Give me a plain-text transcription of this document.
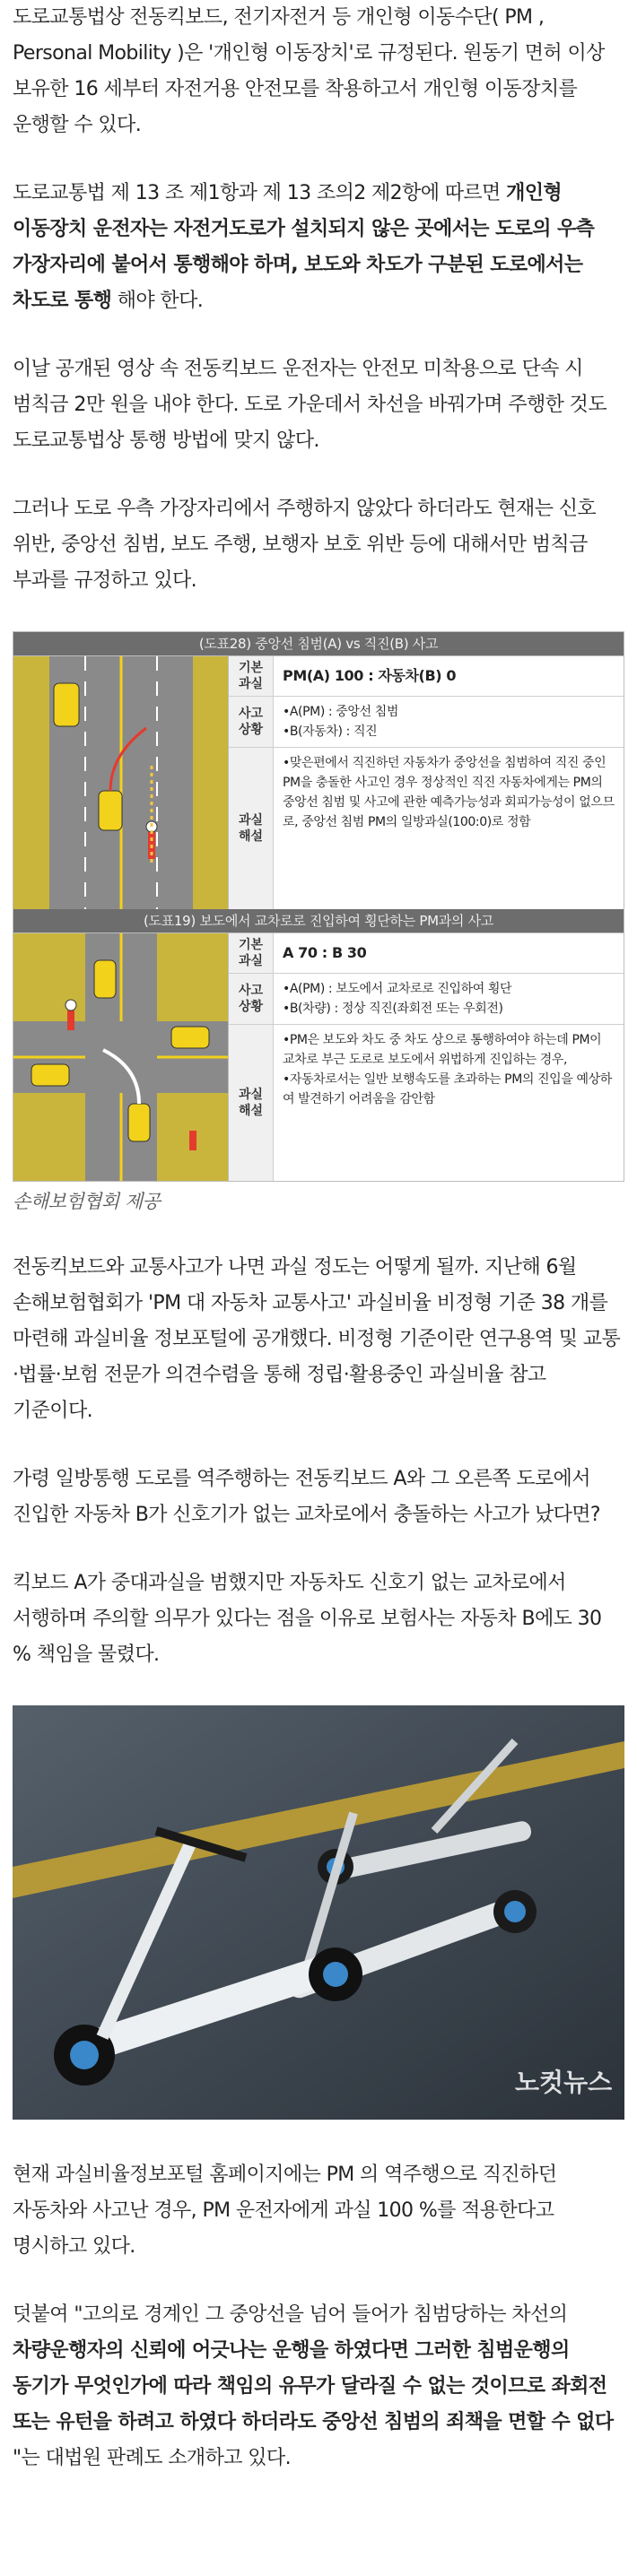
도로교통법상 전동킥보드, 전기자전거 등 개인형 이동수단( PM , Personal Mobility )은 '개인형 이동장치'로 규정된다. 원동기 면허 이상 보유한 16 세부터 자전거용 안전모를 착용하고서 개인형 이동장치를 운행할 수 있다.

도로교통법 제 13 조 제1항과 제 13 조의2 제2항에 따르면 개인형 이동장치 운전자는 자전거도로가 설치되지 않은 곳에서는 도로의 우측 가장자리에 붙어서 통행해야 하며, 보도와 차도가 구분된 도로에서는 차도로 통행 해야 한다.

이날 공개된 영상 속 전동킥보드 운전자는 안전모 미착용으로 단속 시 범칙금 2만 원을 내야 한다. 도로 가운데서 차선을 바꿔가며 주행한 것도 도로교통법상 통행 방법에 맞지 않다.

그러나 도로 우측 가장자리에서 주행하지 않았다 하더라도 현재는 신호 위반, 중앙선 침범, 보도 주행, 보행자 보호 위반 등에 대해서만 범칙금 부과를 규정하고 있다.

(도표28) 중앙선 침범(A) vs 직진(B) 사고
기본
과실	PM(A) 100 : 자동차(B) 0
사고
상황
•A(PM) : 중앙선 침범
•B(자동차) : 직진
과실
해설
•맞은편에서 직진하던 자동차가 중앙선을 침범하여 직진 중인 PM을 충돌한 사고인 경우 정상적인 직진 자동차에게는 PM의 중앙선 침범 및 사고에 관한 예측가능성과 회피가능성이 없으므로, 중앙선 침범 PM의 일방과실(100:0)로 정함
(도표19) 보도에서 교차로로 진입하여 횡단하는 PM과의 사고
기본
과실	A 70 : B 30
사고
상황
•A(PM) : 보도에서 교차로로 진입하여 횡단
•B(차량) : 정상 직진(좌회전 또는 우회전)
과실
해설
•PM은 보도와 차도 중 차도 상으로 통행하여야 하는데 PM이 교차로 부근 도로로 보도에서 위법하게 진입하는 경우,
•자동차로서는 일반 보행속도를 초과하는 PM의 진입을 예상하여 발견하기 어려움을 감안함

손해보험협회 제공

전동킥보드와 교통사고가 나면 과실 정도는 어떻게 될까. 지난해 6월 손해보험협회가 'PM 대 자동차 교통사고' 과실비율 비정형 기준 38 개를 마련해 과실비율 정보포털에 공개했다. 비정형 기준이란 연구용역 및 교통·법률·보험 전문가 의견수렴을 통해 정립·활용중인 과실비율 참고 기준이다.

가령 일방통행 도로를 역주행하는 전동킥보드 A와 그 오른쪽 도로에서 진입한 자동차 B가 신호기가 없는 교차로에서 충돌하는 사고가 났다면?

킥보드 A가 중대과실을 범했지만 자동차도 신호기 없는 교차로에서 서행하며 주의할 의무가 있다는 점을 이유로 보험사는 자동차 B에도 30 % 책임을 물렸다.

노컷뉴스

현재 과실비율정보포털 홈페이지에는 PM 의 역주행으로 직진하던 자동차와 사고난 경우, PM 운전자에게 과실 100 %를 적용한다고 명시하고 있다.

덧붙여 "고의로 경계인 그 중앙선을 넘어 들어가 침범당하는 차선의 차량운행자의 신뢰에 어긋나는 운행을 하였다면 그러한 침범운행의 동기가 무엇인가에 따라 책임의 유무가 달라질 수 없는 것이므로 좌회전 또는 유턴을 하려고 하였다 하더라도 중앙선 침범의 죄책을 면할 수 없다 "는 대법원 판례도 소개하고 있다.
